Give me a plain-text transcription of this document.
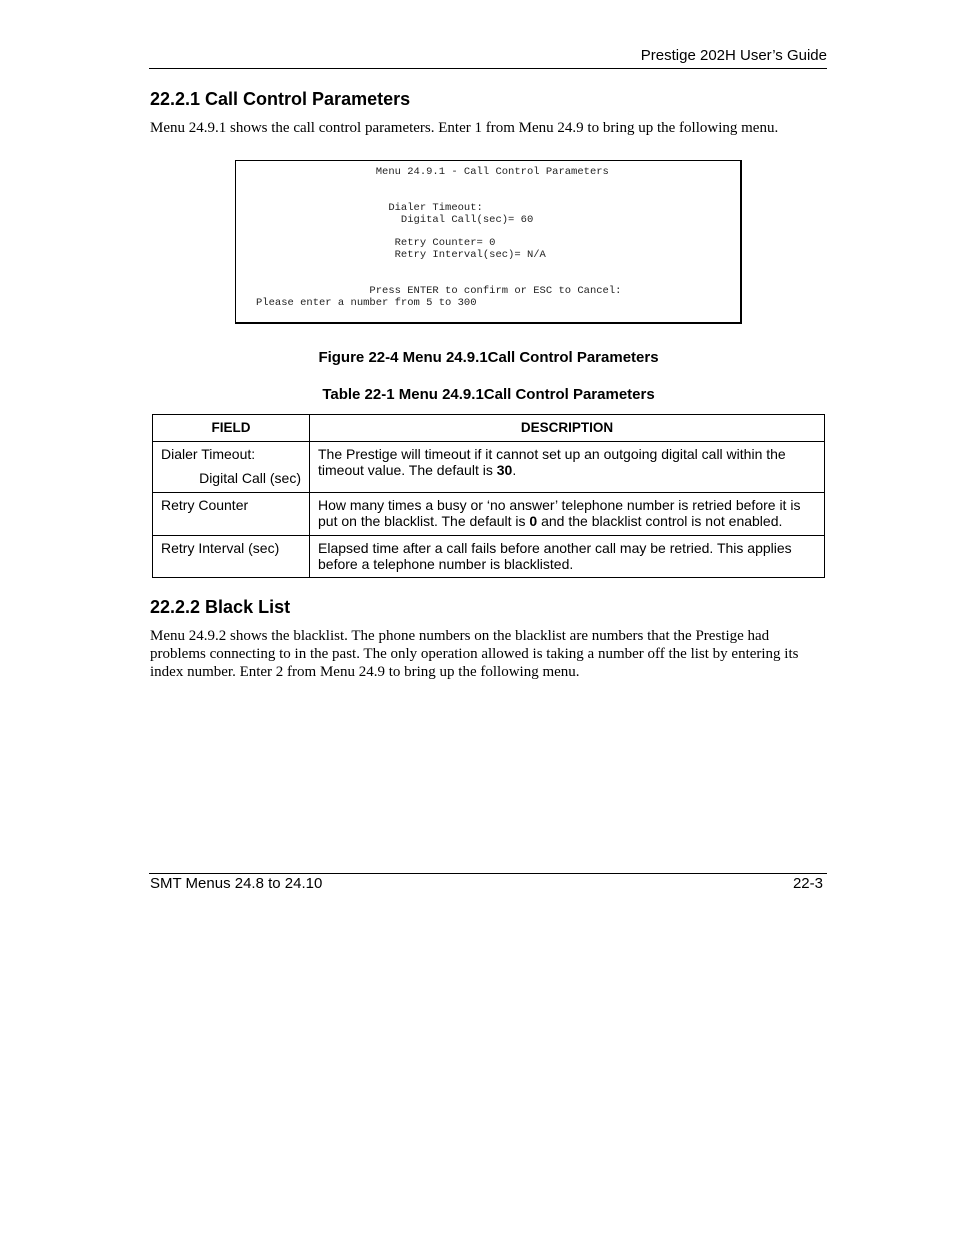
Prestige 202H User’s Guide
22.2.1 Call Control Parameters

Menu 24.9.1 shows the call control parameters. Enter 1 from Menu 24.9 to bring up the following menu.

Menu 24.9.1 - Call Control Parameters

Dialer Timeout:
Digital Call(sec)= 60

Retry Counter= 0
Retry Interval(sec)= N/A

Press ENTER to confirm or ESC to Cancel:
Please enter a number from 5 to 300
Figure 22-4 Menu 24.9.1Call Control Parameters
Table 22-1 Menu 24.9.1Call Control Parameters
FIELD	DESCRIPTION
Dialer Timeout:
Digital Call (sec)	The Prestige will timeout if it cannot set up an outgoing digital call within the timeout value. The default is 30.
Retry Counter	How many times a busy or ‘no answer’ telephone number is retried before it is put on the blacklist. The default is 0 and the blacklist control is not enabled.
Retry Interval (sec)	Elapsed time after a call fails before another call may be retried. This applies before a telephone number is blacklisted.
22.2.2 Black List

Menu 24.9.2 shows the blacklist. The phone numbers on the blacklist are numbers that the Prestige had problems connecting to in the past. The only operation allowed is taking a number off the list by entering its index number. Enter 2 from Menu 24.9 to bring up the following menu.

SMT Menus 24.8 to 24.10	22-3
